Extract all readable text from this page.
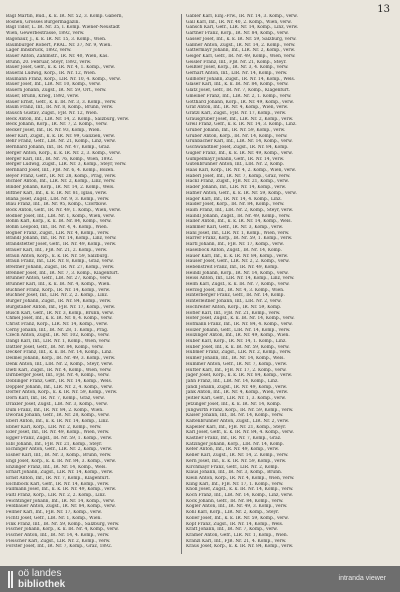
13
Bagl Martin, Bud., k. k. IR. Nr. 52, 3. Komp. Gabern,
Bosnen, Grosses Bürgermagazin.
Bagl Tidor, L. IR. Nr. 35, I. Komp. Wiener-Neustadt
Wien, Gewerbestrasse, 1892, verw.
Bagonaur, J., k. k. IR. Nr. 15, 3. Komp., Wien.
Baumburger Robert, PRAL. Nr. 37, Nr. 9, Wien.
Lager Innsbruck, 1892, verw.
Bauer Anton, Zahlmstr., IR. Nr. 40, Wien, Kas.
Brunn, 20. Februar, Steyr, 1892, verw.
Bauer Josef, Gefr., k. k. IR. Nr. 4, 1. Komp., verw.
Baueral Ludwig, Korp., IR. Nr. 12, Wien.
Baumann Franz, Korp., LIR. Nr. 10, 4. Komp., verw.
Bauer Josef, Inf., LIR. Nr. 10, Komp., verw.
Bauern Johann, Zugsf., IR. Nr. 59, Ort., verw.
Bauer, Brünn, Krieg, 1892, verw.
Bauer Ernst, Gefr., k. k. IR. Nr. 3, 3. Komp., verw.
Baum Franz, Inf., IR. Nr. 8, Komp., Brünn, verw.
Bausch Gustav, Zugsf., FJB. Nr. 12, Wien.
Beck Anton, Inf., LIR. Nr. 14, 2. Komp., Salzburg, verw.
Beck Johann, Korp., IR. Nr. 7, 2. Komp., verw.
Becker Josef, Inf., IR. Nr. 93, Komp., Wien.
Beer Karl, Zugsf., k. k. IR. Nr. 99, Galizien, verw.
Behr Franz, Gefr., LIR. Nr. 21, Komp., Linz, verw.
Bernhard Johann, Inf., IR. Nr. 47, Komp., Graz.
Berger Anton, Korp., k. k. IR. Nr. 2, 3. Komp., verw.
Berger Karl, Inf., IR. Nr. 76, Komp., Wien, 1892.
Berger Ludwig, Zugsf., LIR. Nr. 3, Komp., Steyr, verw.
Bernhard Josef, Inf., FJB. Nr. 6, 4. Komp., Bozen.
Beyer Franz, Gefr., IR. Nr. 28, Komp., Prag, verw.
Bichler Anton, Inf., LIR. Nr. 2, Komp., Linz, verw.
Binder Johann, Korp., IR. Nr. 14, 2. Komp., Wels.
Bittner Karl, Inf., k. k. IR. Nr. 81, Iglau, verw.
Blaha Josef, Zugsf., LIR. Nr. 9, 3. Komp., verw.
Blau Franz, Inf., IR. Nr. 95, Komp., Czortkow.
Bock Anton, Gefr., IR. Nr. 49, 1. Komp., Wien, verw.
Bodner Josef, Inf., LIR. Nr. 1, Komp., Wien, verw.
Böhm Karl, Korp., k. k. IR. Nr. 84, Komp., verw.
Böhm Leopold, Inf., IR. Nr. 4, 4. Komp., Wien.
Bogner Franz, Zugsf., LIR. Nr. 4, Komp., verw.
Brandl Johann, Inf., IR. Nr. 14, Komp., Linz, verw.
Brandstetter Josef, Gefr., IR. Nr. 49, Komp., verw.
Brauer Karl, Inf., FJB. Nr. 21, 2. Komp., verw.
Braun Anton, Korp., k. k. IR. Nr. 59, Salzburg.
Braun Franz, Inf., LIR. Nr. 8, Komp., Graz, verw.
Breitner Johann, Zugsf., IR. Nr. 27, Komp., verw.
Brenner Josef, Inf., IR. Nr. 7, 3. Komp., Klagenfurt.
Brunner Anton, Gefr., LIR. Nr. 27, Komp., verw.
Brunner Karl, Inf., k. k. IR. Nr. 4, Komp., Wien.
Buchner Franz, Korp., IR. Nr. 14, Komp., verw.
Buchner Josef, Inf., LIR. Nr. 2, 2. Komp., Linz.
Burger Johann, Zugsf., IR. Nr. 84, Komp., verw.
Burgstaller Anton, Inf., FJB. Nr. 17, Komp., verw.
Busch Karl, Gefr., IR. Nr. 3, Komp., Brünn, verw.
Chmel Josef, Inf., k. k. IR. Nr. 8, 4. Komp., verw.
Christ Franz, Korp., LIR. Nr. 14, Komp., verw.
Cerny Johann, Inf., IR. Nr. 28, 1. Komp., Prag.
Czech Anton, Zugsf., IR. Nr. 102, Komp., verw.
Dangl Karl, Inf., LIR. Nr. 1, Komp., Wien, verw.
Dattler Josef, Gefr., IR. Nr. 84, Komp., verw.
Decker Franz, Inf., k. k. IR. Nr. 14, Komp., Linz.
Deimel Johann, Korp., IR. Nr. 49, 3. Komp., verw.
Denk Anton, Inf., LIR. Nr. 2, Komp., Steyr, verw.
Dietl Karl, Zugsf., IR. Nr. 4, Komp., Wien, verw.
Dirnberger Josef, Inf., FJB. Nr. 4, Komp., verw.
Doblinger Franz, Gefr., IR. Nr. 14, Komp., Wels.
Doppler Johann, Inf., LIR. Nr. 2, 4. Komp., verw.
Dorfer Anton, Korp., k. k. IR. Nr. 59, Komp., verw.
Dorn Karl, Inf., IR. Nr. 7, Komp., Graz, verw.
Draxler Josef, Zugsf., LIR. Nr. 3, Komp., verw.
Dum Franz, Inf., IR. Nr. 84, 2. Komp., Wien.
Dworak Johann, Gefr., IR. Nr. 28, Komp., verw.
Eberl Anton, Inf., k. k. IR. Nr. 14, Komp., Linz.
Ebner Karl, Korp., LIR. Nr. 2, Komp., verw.
Eder Josef, Inf., IR. Nr. 49, Komp., Wien, verw.
Egger Franz, Zugsf., IR. Nr. 59, 1. Komp., verw.
Eibl Johann, Inf., FJB. Nr. 21, Komp., Steyr.
Eichinger Anton, Gefr., LIR. Nr. 2, Komp., verw.
Eisner Karl, Inf., IR. Nr. 3, Komp., Brünn, verw.
Engl Josef, Korp., k. k. IR. Nr. 84, 3. Komp., verw.
Enzinger Franz, Inf., IR. Nr. 14, Komp., Wels.
Erhart Johann, Zugsf., LIR. Nr. 14, Komp., verw.
Ernst Anton, Inf., IR. Nr. 7, Komp., Klagenfurt.
Eschlböck Karl, Gefr., IR. Nr. 14, Komp., verw.
Fallmann Josef, Inf., k. k. IR. Nr. 49, Komp., verw.
Faltl Franz, Korp., LIR. Nr. 2, 2. Komp., Linz.
Feichtinger Johann, Inf., IR. Nr. 14, Komp., verw.
Feldbauer Anton, Zugsf., IR. Nr. 84, Komp., verw.
Fellner Karl, Inf., FJB. Nr. 17, Komp., verw.
Fichtl Josef, Gefr., LIR. Nr. 1, Komp., Wien.
Fink Franz, Inf., IR. Nr. 59, Komp., Salzburg, verw.
Fischer Johann, Korp., k. k. IR. Nr. 4, Komp., verw.
Fischer Anton, Inf., IR. Nr. 14, 4. Komp., verw.
Fleischer Karl, Zugsf., LIR. Nr. 2, Komp., verw.
Forster Josef, Inf., IR. Nr. 7, Komp., Graz, 1892.
Gabler Karl, Einj.-Frw., IR. Nr. 14, 3. Komp., verw.
Gall Karl, Inf., IR. Nr. 40, 2. Komp., Wien, verw.
Gansch Karl, Gefr., LIR. Nr. 14, Komp., Linz, verw.
Gartner Franz, Korp., IR. Nr. 84, Komp., verw.
Gasser Josef, Inf., k. k. IR. Nr. 59, Salzburg, verw.
Gaßner Anton, Zugsf., IR. Nr. 14, 2. Komp., verw.
Gattermayr Johann, Inf., LIR. Nr. 2, Komp., verw.
Geiger Karl, Gefr., IR. Nr. 49, Komp., Wien, verw.
Geisler Franz, Inf., FJB. Nr. 21, Komp., Steyr.
Geißler Josef, Korp., IR. Nr. 3, 4. Komp., verw.
Gerhart Anton, Inf., LIR. Nr. 14, Komp., verw.
Gillhofer Johann, Zugsf., IR. Nr. 14, Komp., Wels.
Glaser Karl, Inf., k. k. IR. Nr. 84, Komp., verw.
Glatz Josef, Gefr., IR. Nr. 7, Komp., Klagenfurt.
Gmeiner Franz, Inf., LIR. Nr. 2, 1. Komp., verw.
Gotthard Johann, Korp., IR. Nr. 49, Komp., verw.
Graf Anton, Inf., IR. Nr. 4, Komp., Wien, verw.
Gratzl Karl, Zugsf., FJB. Nr. 17, Komp., verw.
Grausgruber Josef, Inf., LIR. Nr. 2, Komp., verw.
Greil Franz, Gefr., k. k. IR. Nr. 14, 3. Komp., Linz.
Gruber Johann, Inf., IR. Nr. 59, Komp., verw.
Gruber Anton, Korp., IR. Nr. 14, Komp., verw.
Grünbacher Karl, Inf., LIR. Nr. 14, Komp., verw.
Gschwandtner Josef, Zugsf., IR. Nr. 84, Komp.
Gugler Franz, Inf., k. k. IR. Nr. 49, Komp., verw.
Gumpelmayr Johann, Gefr., IR. Nr. 14, verw.
Gutenbrunner Anton, Inf., LIR. Nr. 2, Komp.
Haas Karl, Korp., IR. Nr. 4, 2. Komp., Wien, verw.
Haberl Josef, Inf., IR. Nr. 7, Komp., Graz, verw.
Hackl Franz, Zugsf., FJB. Nr. 21, Komp., verw.
Hader Johann, Inf., LIR. Nr. 14, Komp., verw.
Hafner Anton, Gefr., k. k. IR. Nr. 59, Komp., verw.
Hager Karl, Inf., IR. Nr. 14, 4. Komp., Linz.
Haider Josef, Korp., IR. Nr. 84, Komp., verw.
Haim Franz, Inf., LIR. Nr. 2, Komp., Steyr, verw.
Haindl Johann, Zugsf., IR. Nr. 49, Komp., verw.
Haller Anton, Inf., k. k. IR. Nr. 14, Komp., Wels.
Hammer Karl, Gefr., IR. Nr. 3, Komp., verw.
Hanl Josef, Inf., LIR. Nr. 1, Komp., Wien, verw.
Harrer Franz, Korp., IR. Nr. 59, 1. Komp., verw.
Hartl Johann, Inf., FJB. Nr. 17, Komp., verw.
Haselböck Anton, Zugsf., IR. Nr. 14, Komp.
Hauer Karl, Inf., k. k. IR. Nr. 84, Komp., verw.
Hauser Josef, Gefr., LIR. Nr. 2, 2. Komp., verw.
Hebenstreit Franz, Inf., IR. Nr. 49, Komp.
Heindl Johann, Korp., IR. Nr. 14, Komp., verw.
Heiss Anton, Inf., LIR. Nr. 14, Komp., Linz, verw.
Helm Karl, Zugsf., k. k. IR. Nr. 7, Komp., verw.
Herzog Josef, Inf., IR. Nr. 4, 3. Komp., Wien.
Hinterberger Franz, Gefr., IR. Nr. 14, Komp.
Hinterleitner Johann, Inf., LIR. Nr. 2, verw.
Hochreiter Anton, Korp., IR. Nr. 59, Komp.
Höfler Karl, Inf., FJB. Nr. 21, Komp., verw.
Hofer Josef, Zugsf., k. k. IR. Nr. 14, Komp., verw.
Hofmann Franz, Inf., IR. Nr. 84, 4. Komp., verw.
Holzer Johann, Gefr., LIR. Nr. 14, Komp., verw.
Holzinger Anton, Inf., IR. Nr. 49, Komp., Wien.
Huber Karl, Korp., IR. Nr. 14, 1. Komp., Linz.
Huber Josef, Inf., k. k. IR. Nr. 59, Komp., verw.
Hubmer Franz, Zugsf., LIR. Nr. 2, Komp., verw.
Humer Johann, Inf., IR. Nr. 14, Komp., Wels.
Hummer Anton, Gefr., IR. Nr. 7, Komp., verw.
Hutter Karl, Inf., FJB. Nr. 17, 2. Komp., verw.
Jäger Josef, Korp., k. k. IR. Nr. 84, Komp., verw.
Jahn Franz, Inf., LIR. Nr. 14, Komp., Linz.
Jandl Johann, Zugsf., IR. Nr. 49, Komp., verw.
Jank Anton, Inf., IR. Nr. 4, Komp., Wien, verw.
Jeitler Karl, Gefr., LIR. Nr. 1, 3. Komp., verw.
Jetzinger Josef, Inf., k. k. IR. Nr. 14, Komp.
Jungwirth Franz, Korp., IR. Nr. 59, Komp., verw.
Kaiser Johann, Inf., IR. Nr. 14, Komp., verw.
Kaltenbrunner Anton, Zugsf., LIR. Nr. 2, verw.
Kapeller Karl, Inf., FJB. Nr. 21, Komp., Steyr.
Karl Josef, Gefr., k. k. IR. Nr. 84, 4. Komp., verw.
Kastner Franz, Inf., IR. Nr. 7, Komp., Graz.
Katzinger Johann, Korp., LIR. Nr. 14, Komp.
Kefer Anton, Inf., IR. Nr. 49, Komp., verw.
Keller Karl, Zugsf., IR. Nr. 14, 2. Komp., verw.
Kern Josef, Inf., k. k. IR. Nr. 59, Komp., verw.
Kirchmayr Franz, Gefr., LIR. Nr. 2, Komp.
Klaus Johann, Inf., IR. Nr. 3, Komp., Brünn.
Klein Anton, Korp., IR. Nr. 4, Komp., Wien, verw.
Kling Karl, Inf., FJB. Nr. 17, 1. Komp., verw.
Knoll Josef, Zugsf., k. k. IR. Nr. 14, Komp., verw.
Koch Franz, Inf., LIR. Nr. 14, Komp., Linz, verw.
Köck Johann, Gefr., IR. Nr. 84, Komp., verw.
Kogler Anton, Inf., IR. Nr. 49, 3. Komp., verw.
Kohl Karl, Korp., LIR. Nr. 2, Komp., Steyr.
Koller Josef, Inf., k. k. IR. Nr. 59, Komp., verw.
Kopf Franz, Zugsf., IR. Nr. 14, Komp., Wels.
Kraft Johann, Inf., IR. Nr. 7, Komp., verw.
Kramer Anton, Gefr., LIR. Nr. 1, Komp., Wien.
Kranzl Karl, Inf., FJB. Nr. 21, 4. Komp., verw.
Kraus Josef, Korp., k. k. IR. Nr. 84, Komp., verw.
oö landes
bibliothek
intranda viewer
